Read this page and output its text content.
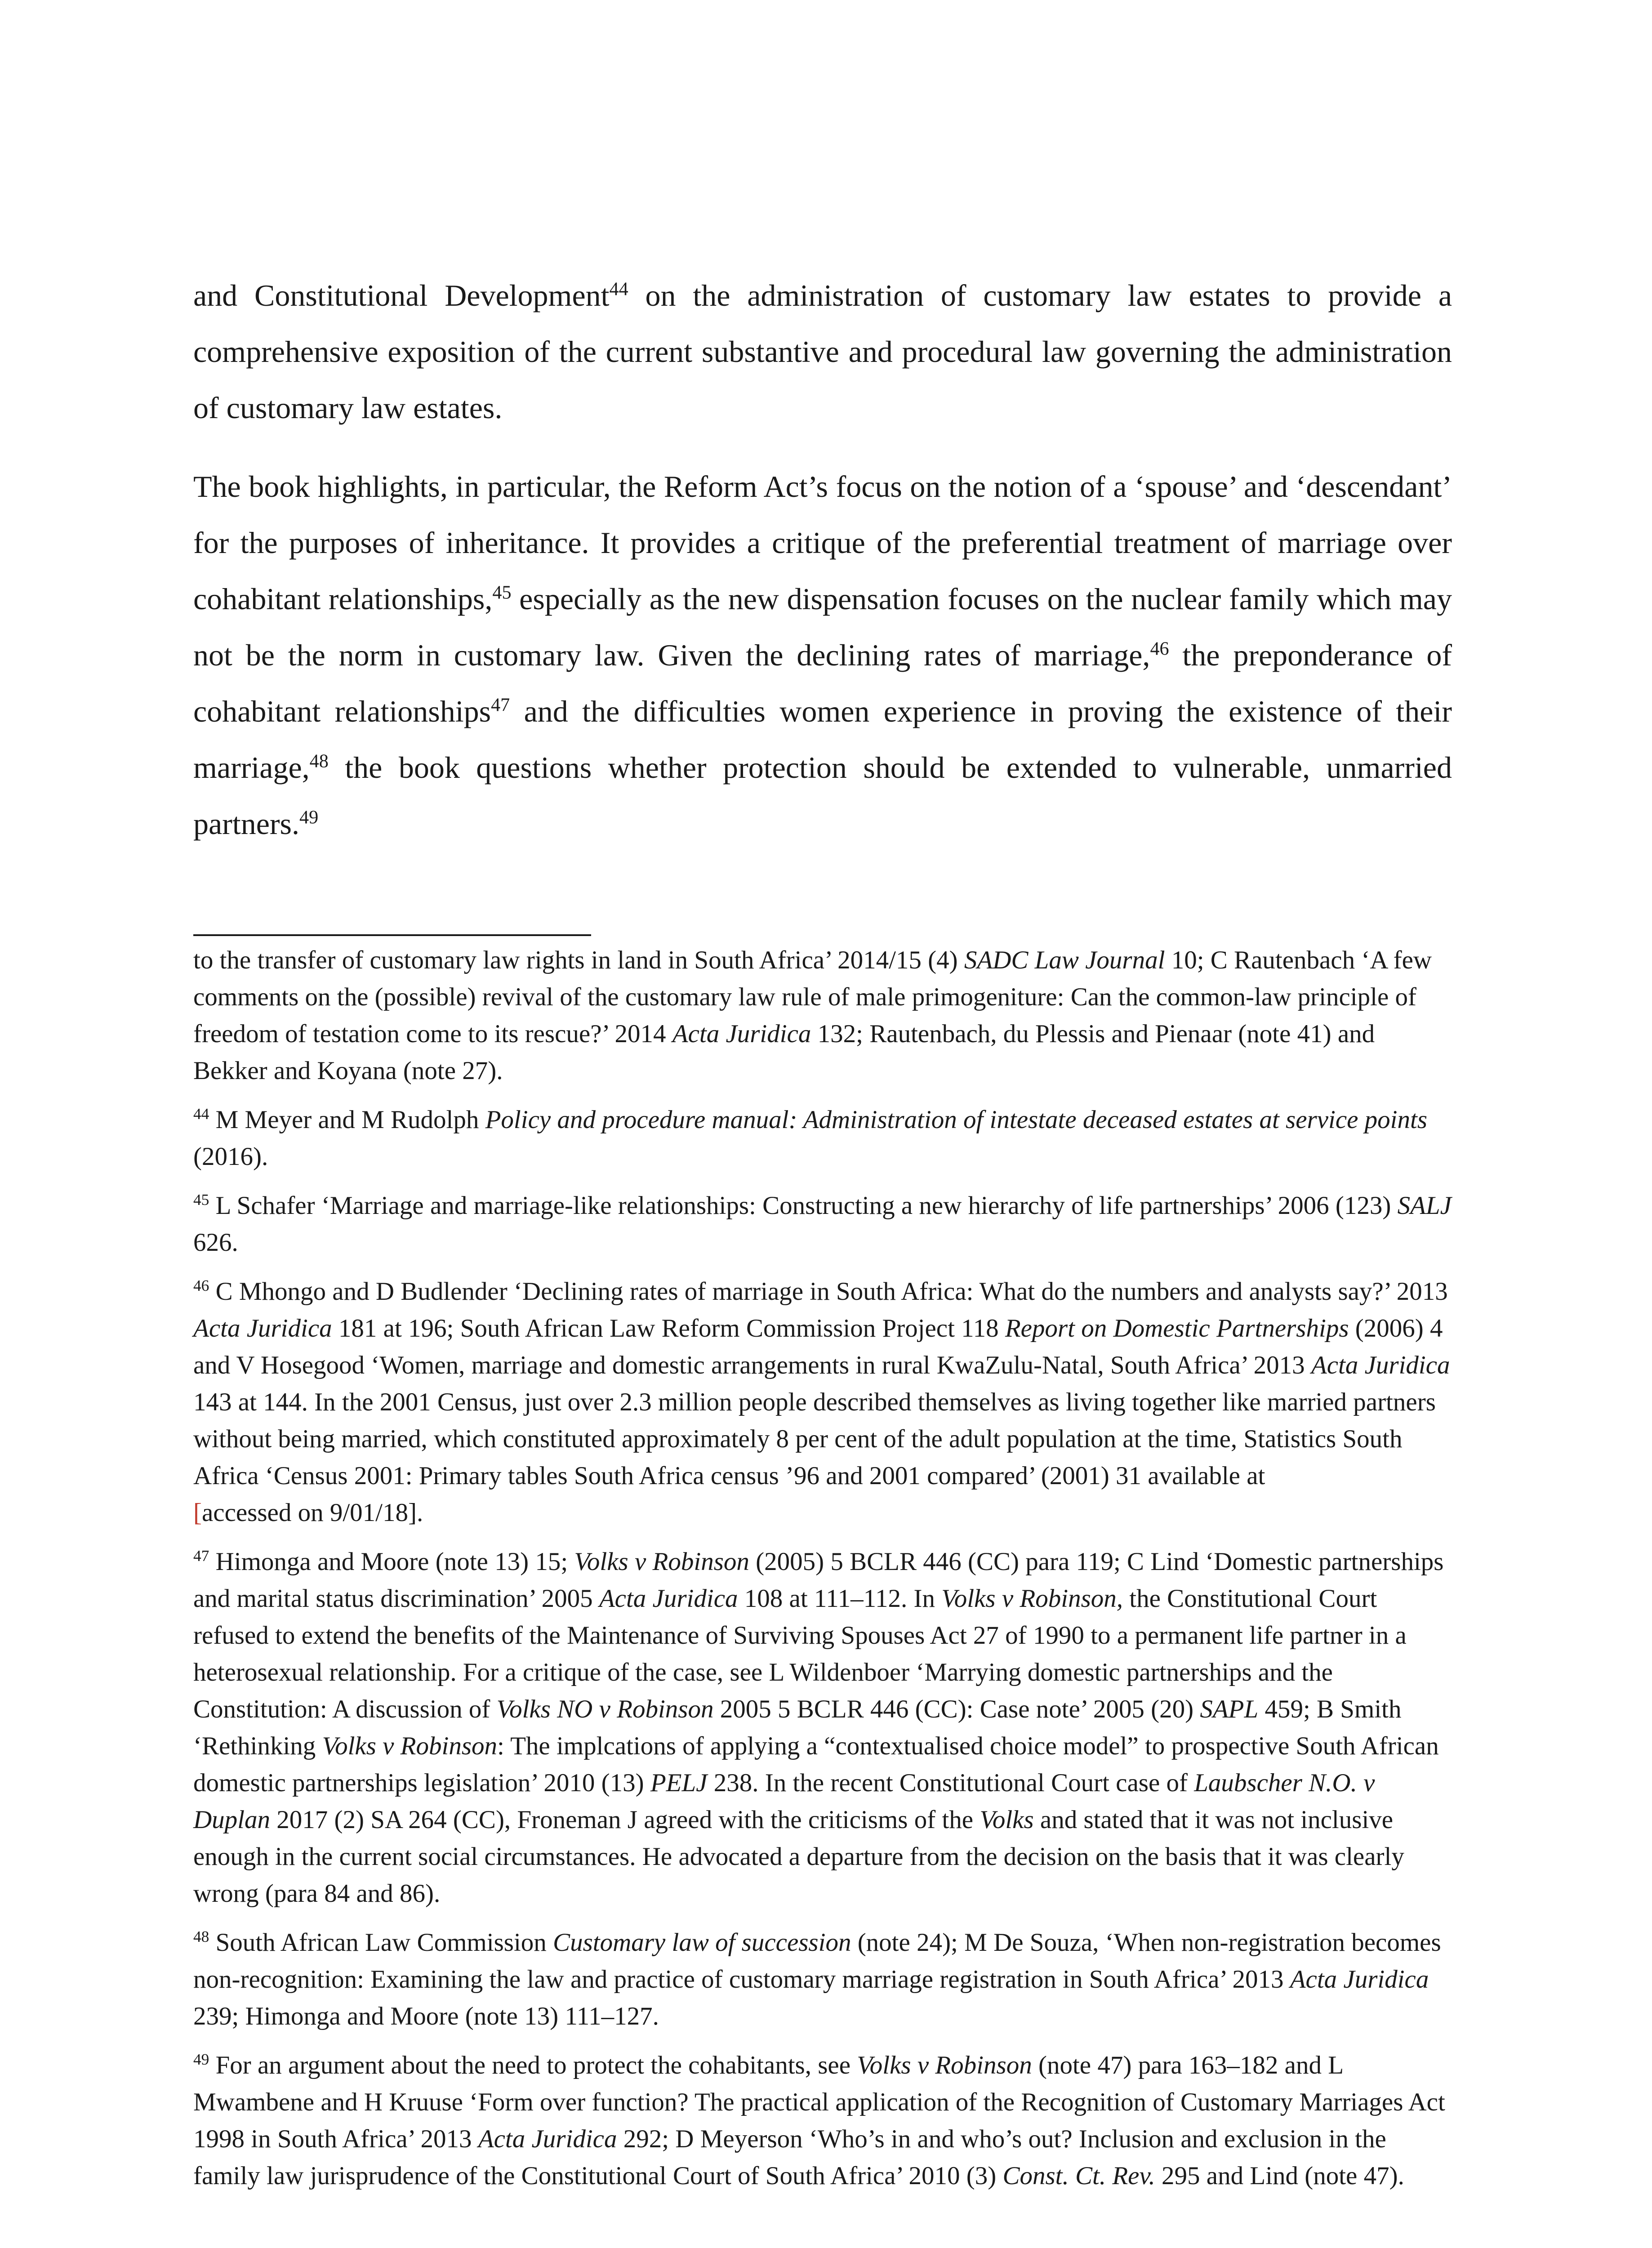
and Constitutional Development$^{44}$ on the administration of customary law estates to provide a comprehensive exposition of the current substantive and procedural law governing the administration of customary law estates.

The book highlights, in particular, the Reform Act’s focus on the notion of a ‘spouse’ and ‘descendant’ for the purposes of inheritance. It provides a critique of the preferential treatment of marriage over cohabitant relationships,$^{45}$ especially as the new dispensation focuses on the nuclear family which may not be the norm in customary law. Given the declining rates of marriage,$^{46}$ the preponderance of cohabitant relationships$^{47}$ and the difficulties women experience in proving the existence of their marriage,$^{48}$ the book questions whether protection should be extended to vulnerable, unmarried partners.$^{49}$

to the transfer of customary law rights in land in South Africa’ 2014/15 (4) SADC Law Journal 10; C Rautenbach ‘A few comments on the (possible) revival of the customary law rule of male primogeniture: Can the common-law principle of freedom of testation come to its rescue?’ 2014 Acta Juridica 132; Rautenbach, du Plessis and Pienaar (note 41) and Bekker and Koyana (note 27).

$^{44}$ M Meyer and M Rudolph Policy and procedure manual: Administration of intestate deceased estates at service points (2016).

$^{45}$ L Schafer ‘Marriage and marriage-like relationships: Constructing a new hierarchy of life partnerships’ 2006 (123) SALJ 626.

$^{46}$ C Mhongo and D Budlender ‘Declining rates of marriage in South Africa: What do the numbers and analysts say?’ 2013 Acta Juridica 181 at 196; South African Law Reform Commission Project 118 Report on Domestic Partnerships (2006) 4 and V Hosegood ‘Women, marriage and domestic arrangements in rural KwaZulu-Natal, South Africa’ 2013 Acta Juridica 143 at 144. In the 2001 Census, just over 2.3 million people described themselves as living together like married partners without being married, which constituted approximately 8 per cent of the adult population at the time, Statistics South Africa ‘Census 2001: Primary tables South Africa census ’96 and 2001 compared’ (2001) 31 available at
[accessed on 9/01/18].

$^{47}$ Himonga and Moore (note 13) 15; Volks v Robinson (2005) 5 BCLR 446 (CC) para 119; C Lind ‘Domestic partnerships and marital status discrimination’ 2005 Acta Juridica 108 at 111–112. In Volks v Robinson, the Constitutional Court refused to extend the benefits of the Maintenance of Surviving Spouses Act 27 of 1990 to a permanent life partner in a heterosexual relationship. For a critique of the case, see L Wildenboer ‘Marrying domestic partnerships and the Constitution: A discussion of Volks NO v Robinson 2005 5 BCLR 446 (CC): Case note’ 2005 (20) SAPL 459; B Smith ‘Rethinking Volks v Robinson: The implcations of applying a “contextualised choice model” to prospective South African domestic partnerships legislation’ 2010 (13) PELJ 238. In the recent Constitutional Court case of Laubscher N.O. v Duplan 2017 (2) SA 264 (CC), Froneman J agreed with the criticisms of the Volks and stated that it was not inclusive enough in the current social circumstances. He advocated a departure from the decision on the basis that it was clearly wrong (para 84 and 86).

$^{48}$ South African Law Commission Customary law of succession (note 24); M De Souza, ‘When non-registration becomes non-recognition: Examining the law and practice of customary marriage registration in South Africa’ 2013 Acta Juridica 239; Himonga and Moore (note 13) 111–127.

$^{49}$ For an argument about the need to protect the cohabitants, see Volks v Robinson (note 47) para 163–182 and L Mwambene and H Kruuse ‘Form over function? The practical application of the Recognition of Customary Marriages Act 1998 in South Africa’ 2013 Acta Juridica 292; D Meyerson ‘Who’s in and who’s out? Inclusion and exclusion in the family law jurisprudence of the Constitutional Court of South Africa’ 2010 (3) Const. Ct. Rev. 295 and Lind (note 47).
